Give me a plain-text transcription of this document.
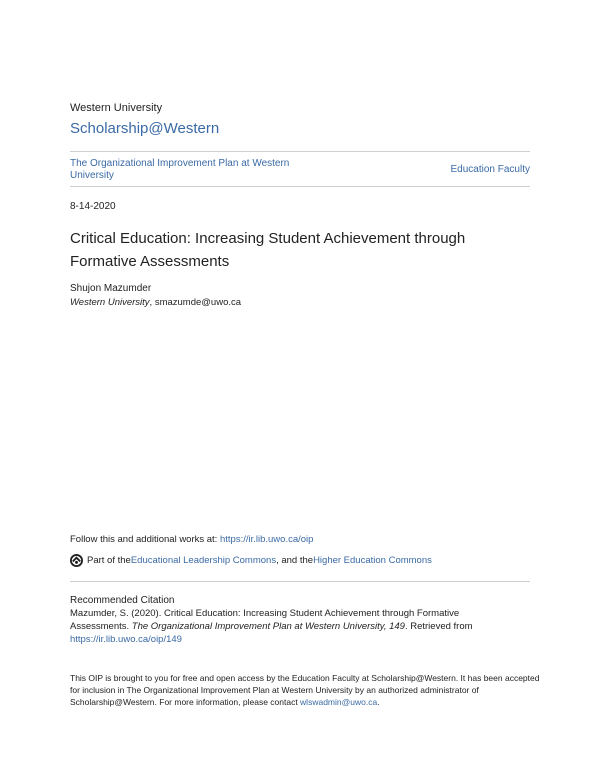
Western University
Scholarship@Western
The Organizational Improvement Plan at Western University
Education Faculty
8-14-2020
Critical Education: Increasing Student Achievement through Formative Assessments
Shujon Mazumder
Western University, smazumde@uwo.ca
Follow this and additional works at: https://ir.lib.uwo.ca/oip
Part of the Educational Leadership Commons , and the Higher Education Commons
Recommended Citation
Mazumder, S. (2020). Critical Education: Increasing Student Achievement through Formative Assessments. The Organizational Improvement Plan at Western University, 149. Retrieved from https://ir.lib.uwo.ca/oip/149
This OIP is brought to you for free and open access by the Education Faculty at Scholarship@Western. It has been accepted for inclusion in The Organizational Improvement Plan at Western University by an authorized administrator of Scholarship@Western. For more information, please contact wlswadmin@uwo.ca.
